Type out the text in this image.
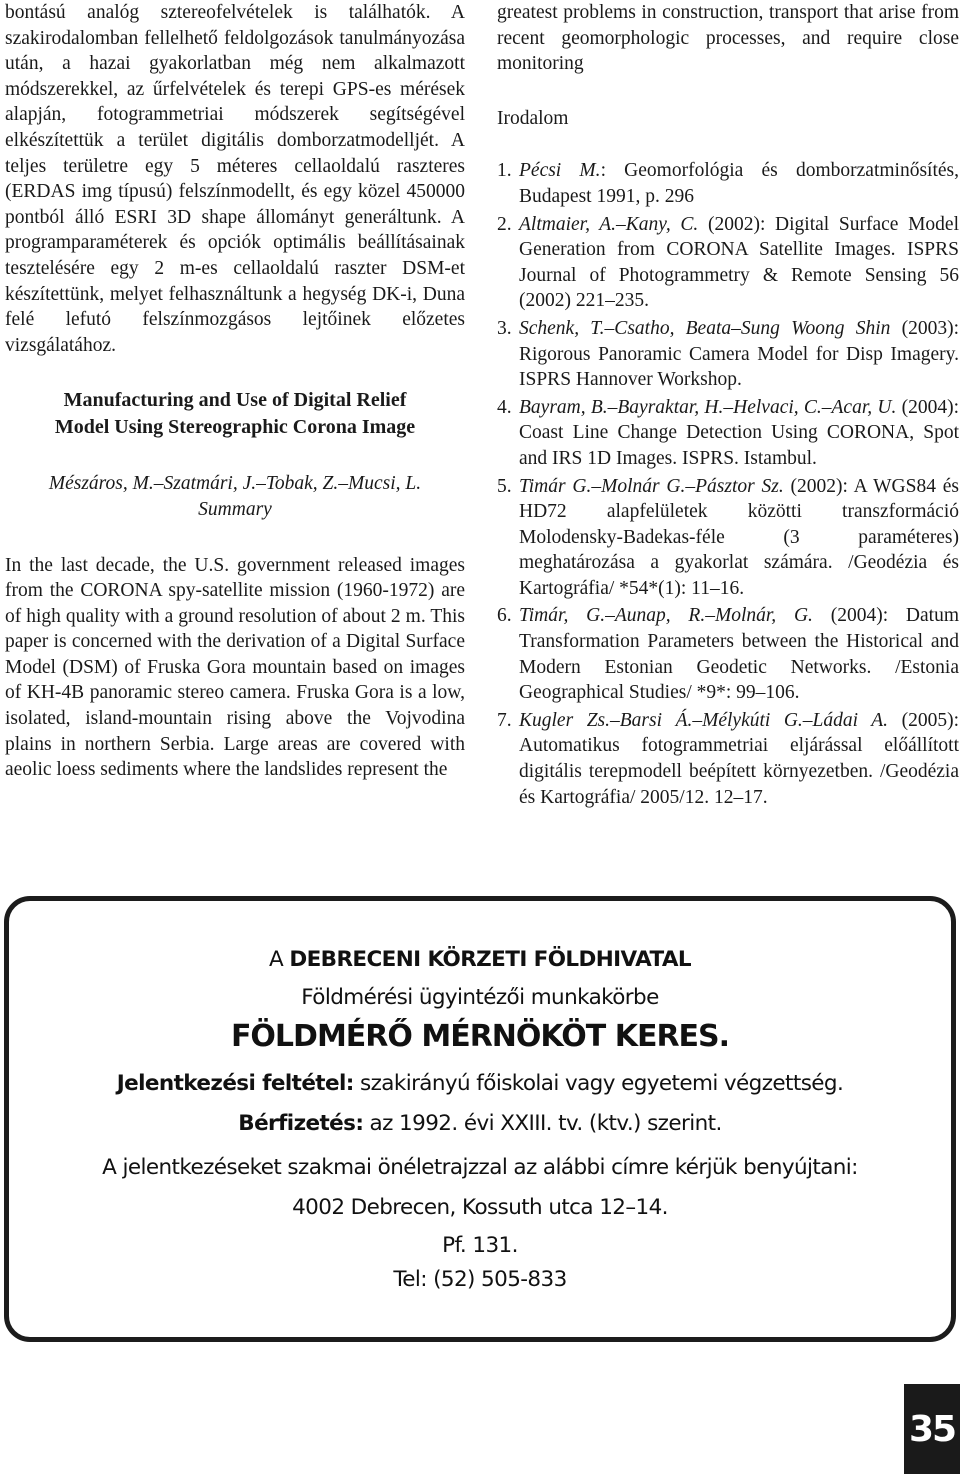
bontású analóg sztereofelvételek is találhatók. A szakirodalomban fellelhető feldolgozások tanulmányozása után, a hazai gyakorlatban még nem alkalmazott módszerekkel, az űrfelvételek és terepi GPS-es mérések alapján, fotogrammetriai módszerek segítségével elkészítettük a terület digitális domborzatmodelljét. A teljes területre egy 5 méteres cellaoldalú raszteres (ERDAS img típusú) felszínmodellt, és egy közel 450000 pontból álló ESRI 3D shape állományt generáltunk. A programparaméterek és opciók optimális beállításainak tesztelésére egy 2 m-es cellaoldalú raszter DSM-et készítettünk, melyet felhasználtunk a hegység DK-i, Duna felé lefutó felszínmozgásos lejtőinek előzetes vizsgálatához.

Manufacturing and Use of Digital Relief
Model Using Stereographic Corona Image

Mészáros, M.–Szatmári, J.–Tobak, Z.–Mucsi, L.

Summary

In the last decade, the U.S. government released images from the CORONA spy-satellite mission (1960-1972) are of high quality with a ground resolution of about 2 m. This paper is concerned with the derivation of a Digital Surface Model (DSM) of Fruska Gora mountain based on images of KH-4B panoramic stereo camera. Fruska Gora is a low, isolated, island-mountain rising above the Vojvodina plains in northern Serbia. Large areas are covered with aeolic loess sediments where the landslides represent the

greatest problems in construction, transport that arise from recent geomorphologic processes, and require close monitoring

Irodalom

1. Pécsi M.: Geomorfológia és domborzatminősítés, Budapest 1991, p. 296
2. Altmaier, A.–Kany, C. (2002): Digital Surface Model Generation from CORONA Satellite Images. ISPRS Journal of Photogrammetry & Remote Sensing 56 (2002) 221–235.
3. Schenk, T.–Csatho, Beata–Sung Woong Shin (2003): Rigorous Panoramic Camera Model for Disp Imagery. ISPRS Hannover Workshop.
4. Bayram, B.–Bayraktar, H.–Helvaci, C.–Acar, U. (2004): Coast Line Change Detection Using CORONA, Spot and IRS 1D Images. ISPRS. Istambul.
5. Timár G.–Molnár G.–Pásztor Sz. (2002): A WGS84 és HD72 alapfelületek közötti transzformáció Molodensky-Badekas-féle (3 paraméteres) meghatározása a gyakorlat számára. /Geodézia és Kartográfia/ *54*(1): 11–16.
6. Timár, G.–Aunap, R.–Molnár, G. (2004): Datum Transformation Parameters between the Historical and Modern Estonian Geodetic Networks. /Estonia Geographical Studies/ *9*: 99–106.
7. Kugler Zs.–Barsi Á.–Mélykúti G.–Ládai A. (2005): Automatikus fotogrammetriai eljárással előállított digitális terepmodell beépített környezetben. /Geodézia és Kartográfia/ 2005/12. 12–17.
A DEBRECENI KÖRZETI FÖLDHIVATAL
Földmérési ügyintézői munkakörbe
FÖLDMÉRŐ MÉRNÖKÖT KERES.
Jelentkezési feltétel: szakirányú főiskolai vagy egyetemi végzettség.
Bérfizetés: az 1992. évi XXIII. tv. (ktv.) szerint.
A jelentkezéseket szakmai önéletrajzzal az alábbi címre kérjük benyújtani:
4002 Debrecen, Kossuth utca 12–14.
Pf. 131.
Tel: (52) 505-833
35
